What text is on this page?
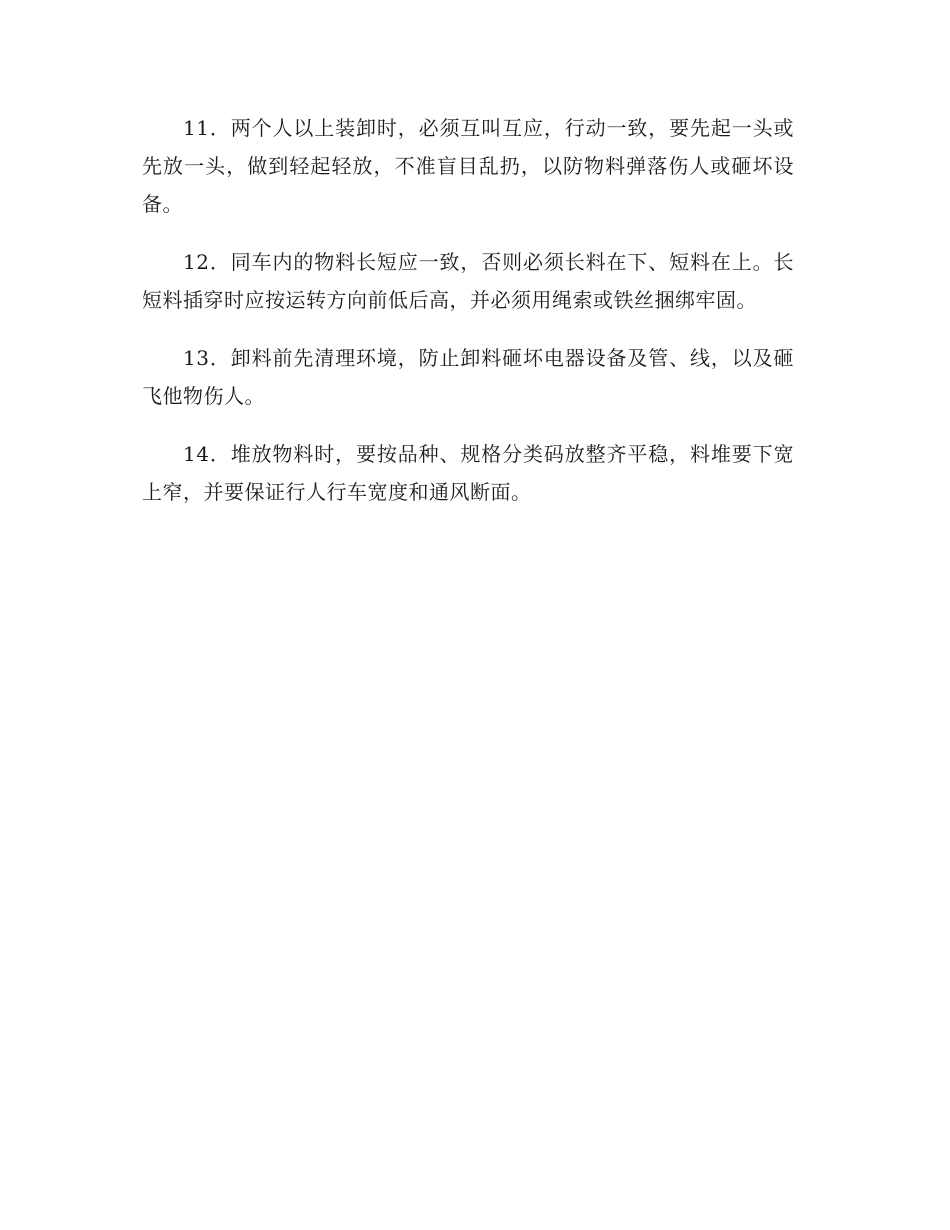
11．两个人以上装卸时，必须互叫互应，行动一致，要先起一头或先放一头，做到轻起轻放，不准盲目乱扔，以防物料弹落伤人或砸坏设备。

12．同车内的物料长短应一致，否则必须长料在下、短料在上。长短料插穿时应按运转方向前低后高，并必须用绳索或铁丝捆绑牢固。

13．卸料前先清理环境，防止卸料砸坏电器设备及管、线，以及砸飞他物伤人。

14．堆放物料时，要按品种、规格分类码放整齐平稳，料堆要下宽上窄，并要保证行人行车宽度和通风断面。
